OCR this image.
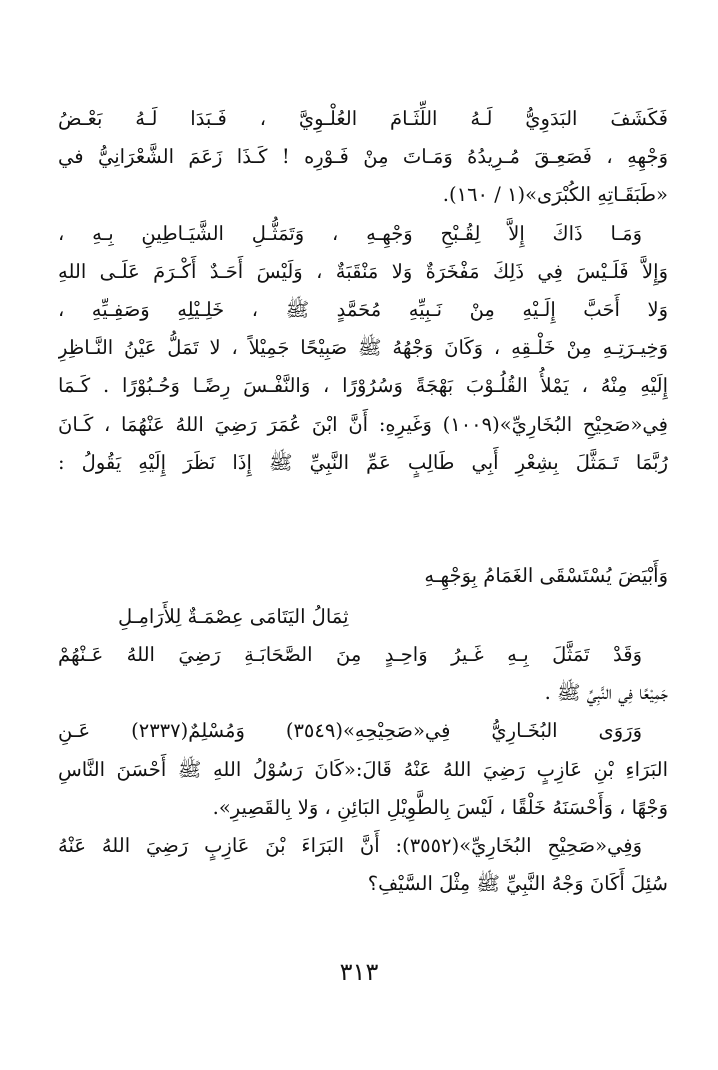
فَكَشَفَ البَدَوِيُّ لَـهُ اللِّثَـامَ العُلْـوِيَّ ، فَـبَدَا لَـهُ بَعْـضُ
وَجْهِهِ ، فَصَعِـقَ مُـرِيدُهُ وَمَـاتَ مِنْ فَـوْرِه ! كَـذَا زَعَمَ الشَّعْرَانِيُّ في
«طَبَقَـاتِهِ الكُبْرَى»(١ / ١٦٠).
وَمَـا ذَاكَ إِلاَّ لِقُـبْحِ وَجْهِـهِ ، وَتَمَثُّـلِ الشَّيَـاطِينِ بِـهِ ،
وَإِلاَّ فَلَـيْسَ فِي ذَلِكَ مَفْخَرَةٌ وَلا مَنْقَبَةٌ ، وَلَيْسَ أَحَـدٌ أَكْـرَمَ عَلَـى اللهِ
وَلا أَحَبَّ إِلَـيْهِ مِنْ نَـبِيِّهِ مُحَمَّدٍ ﷺ ، خَلِـيْلِهِ وَصَفِـيِّهِ ،
وَخِيـرَتِـهِ مِنْ خَلْـقِهِ ، وَكَانَ وَجْهُهُ ﷺ صَبِيْحًا جَمِيْلاً ، لا تَمَلُّ عَيْنُ النَّـاظِرِ
إِلَيْهِ مِنْهُ ، يَمْلأُ القُلُـوْبَ بَهْجَةً وَسُرُوْرًا ، وَالنَّفْـسَ رِضًـا وَحُـبُوْرًا . كَـمَا
فِي«صَحِيْحِ البُخَارِيِّ»(١٠٠٩) وَغَيرِهِ: أَنَّ ابْنَ عُمَرَ رَضِيَ اللهُ عَنْهُمَا ، كَـانَ
رُبَّمَا تَـمَثَّلَ بِشِعْرِ أَبِي طَالِبٍ عَمِّ النَّبِيِّ ﷺ إِذَا نَظَرَ إِلَيْهِ يَقُولُ :
وَأَبْيَضَ يُسْتَسْقَى الغَمَامُ بِوَجْهِـهِ
ثِمَالُ اليَتَامَى عِصْمَـةٌ لِلأَرَامِـلِ
وَقَدْ تَمَثَّلَ بِـهِ غَـيرُ وَاحِـدٍ مِنَ الصَّحَابَـةِ رَضِيَ اللهُ عَـنْهُمْ
جَمِيْعًا فِي النَّبِيِّ ﷺ .
وَرَوَى البُخَـارِيُّ فِي«صَحِيْحِهِ»(٣٥٤٩) وَمُسْلِمٌ(٢٣٣٧) عَـنِ
البَرَاءِ بْنِ عَازِبٍ رَضِيَ اللهُ عَنْهُ قَالَ:«كَانَ رَسُوْلُ اللهِ ﷺ أَحْسَنَ النَّاسِ
وَجْهًا ، وَأَحْسَنَهُ خَلْقًا ، لَيْسَ بِالطَّوِيْلِ البَائِنِ ، وَلا بِالقَصِيرِ».
وَفِي«صَحِيْحِ البُخَارِيِّ»(٣٥٥٢): أَنَّ البَرَاءَ بْنَ عَازِبٍ رَضِيَ اللهُ عَنْهُ
سُئِلَ أَكَانَ وَجْهُ النَّبِيِّ ﷺ مِثْلَ السَّيْفِ؟
٣١٣
